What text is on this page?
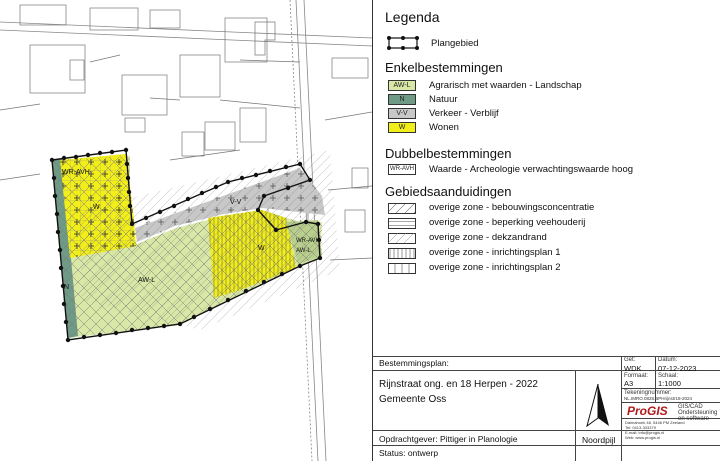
WR-AVH
W
V-V
AW-L
W
WR-AVH
AW-L
N
Legenda
Plangebied
Enkelbestemmingen
AW-L	Agrarisch met waarden - Landschap
N	Natuur
V-V	Verkeer - Verblijf
W	Wonen
Dubbelbestemmingen
WR-AVH Waarde - Archeologie verwachtingswaarde hoog
Gebiedsaanduidingen
overige zone - bebouwingsconcentratie
overige zone - beperking veehouderij
overige zone - dekzandrand
overige zone - inrichtingsplan 1
overige zone - inrichtingsplan 2
Bestemmingsplan:
Rijnstraat ong. en 18 Herpen - 2022
Gemeente Oss
Opdrachtgever: Pittiger in Planologie
Status: ontwerp
Noordpijl
Get:
WDK
Datum:
07-12-2023
Formaat:
A3
Schaal:
1:1000
Tekeningnummer:
NL.IMRO.0828.BPHrijnstr18-2024
ProGIS GIS/CAD
Ondersteuning
en software
Dalmahoek 48, 5446 PM Zeeland
Tel: 0413-333379
E-mail: info@progis.nl
Web: www.progis.nl
